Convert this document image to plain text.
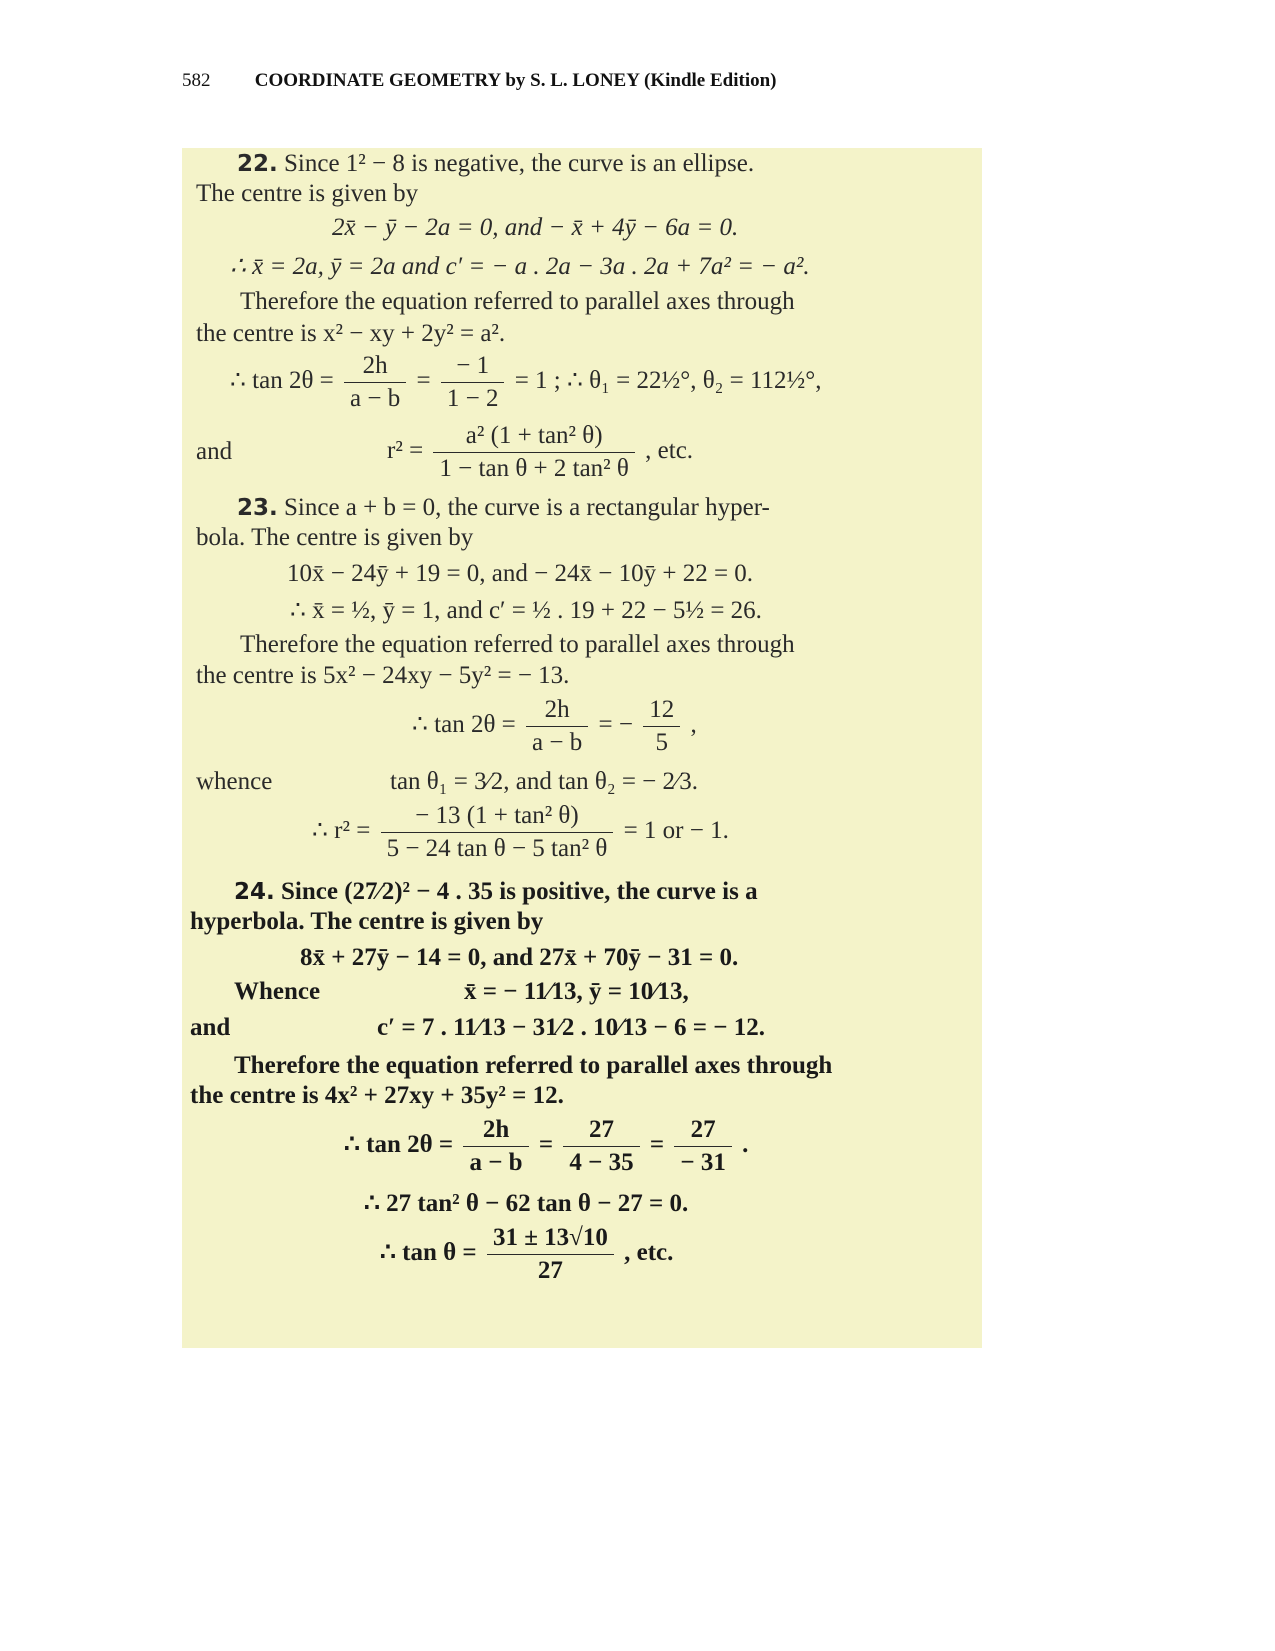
582 COORDINATE GEOMETRY by S. L. LONEY (Kindle Edition)
22. Since 1² − 8 is negative, the curve is an ellipse.
The centre is given by
2x̄ − ȳ − 2a = 0, and − x̄ + 4ȳ − 6a = 0.
∴ x̄ = 2a, ȳ = 2a and c′ = − a . 2a − 3a . 2a + 7a² = − a².
Therefore the equation referred to parallel axes through
the centre is x² − xy + 2y² = a².
∴ $\tan 2\theta = \frac{2h}{a - b} = \frac{- 1}{1 - 2} = 1$ ; ∴ θ₁ = 22½°, θ₂ = 112½°,
and	$r^2 = \frac{\text{a² (1 + tan² θ)}}{\text{1 − tan θ + 2 tan² θ}}$ , etc.
23. Since a + b = 0, the curve is a rectangular hyper-
bola. The centre is given by
10x̄ − 24ȳ + 19 = 0, and − 24x̄ − 10ȳ + 22 = 0.
∴ x̄ = ½, ȳ = 1, and c′ = ½ . 19 + 22 − 5½ = 26.
Therefore the equation referred to parallel axes through
the centre is 5x² − 24xy − 5y² = − 13.
∴ $\tan 2\theta = \frac{2h}{a - b}$ = − $\frac{12}{5}$ ,
whence	tan θ₁ = 3⁄2, and tan θ₂ = − 2⁄3.
∴ $r^2 = \frac{\text{− 13 (1 + tan² θ)}}{\text{5 − 24 tan θ − 5 tan² θ}} = 1$ or − 1.
24. Since (27⁄2)² − 4 . 35 is positive, the curve is a
hyperbola. The centre is given by
8x̄ + 27ȳ − 14 = 0, and 27x̄ + 70ȳ − 31 = 0.
Whence	x̄ = − 11⁄13, ȳ = 10⁄13,
and	c′ = 7 . 11⁄13 − 31⁄2 . 10⁄13 − 6 = − 12.
Therefore the equation referred to parallel axes through
the centre is 4x² + 27xy + 35y² = 12.
∴ $\tan 2\theta = \frac{2h}{a - b} = \frac{27}{4 - 35} = \frac{27}{- 31}$ .
∴ 27 tan² θ − 62 tan θ − 27 = 0.
∴ $\tan \theta = \frac{31 \pm 13√10}{27}$ , etc.
